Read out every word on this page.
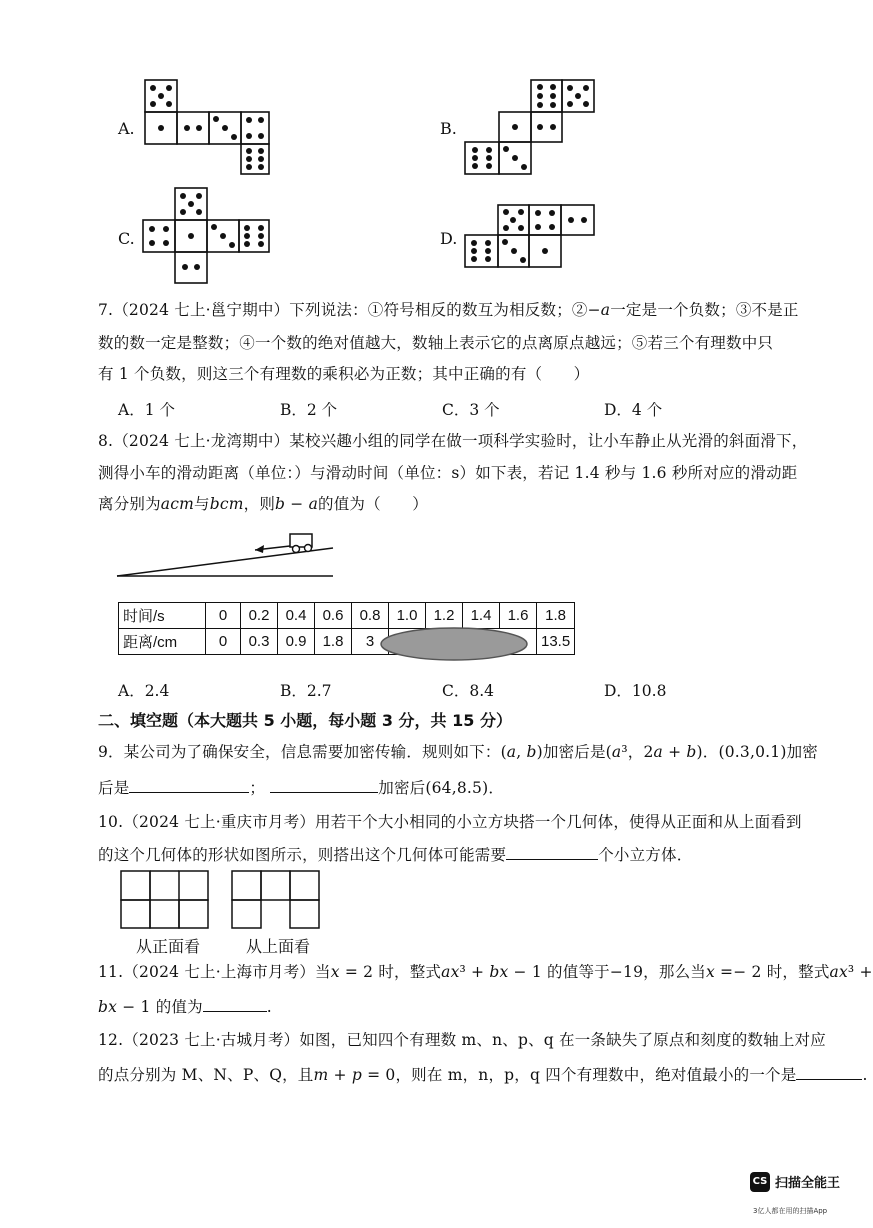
A.	B.
C.	D.
7.（2024 七上·邕宁期中）下列说法：①符号相反的数互为相反数；②−𝑎一定是一个负数；③不是正
数的数一定是整数；④一个数的绝对值越大，数轴上表示它的点离原点越远；⑤若三个有理数中只
有 1 个负数，则这三个有理数的乘积必为正数；其中正确的有（　　）
A．1 个	B．2 个	C．3 个	D．4 个
8.（2024 七上·龙湾期中）某校兴趣小组的同学在做一项科学实验时，让小车静止从光滑的斜面滑下，
测得小车的滑动距离（单位：）与滑动时间（单位：s）如下表，若记 1.4 秒与 1.6 秒所对应的滑动距
离分别为𝑎𝑐𝑚与𝑏𝑐𝑚，则𝑏 − 𝑎的值为（　　）
时间/s	0	0.2	0.4	0.6	0.8	1.0	1.2	1.4	1.6	1.8
距离/cm	0	0.3	0.9	1.8	3					13.5
A．2.4	B．2.7	C．8.4	D．10.8
二、填空题（本大题共 5 小题，每小题 3 分，共 15 分）
9．某公司为了确保安全，信息需要加密传输．规则如下：(𝑎, 𝑏)加密后是(𝑎³，2𝑎 + 𝑏)．(0.3,0.1)加密
后是	；	加密后(64,8.5)．
10.（2024 七上·重庆市月考）用若干个大小相同的小立方块搭一个几何体，使得从正面和从上面看到
的这个几何体的形状如图所示，则搭出这个几何体可能需要	个小立方体．
从正面看	从上面看
11.（2024 七上·上海市月考）当𝑥 = 2 时，整式𝑎𝑥³ + 𝑏𝑥 − 1 的值等于−19，那么当𝑥 =− 2 时，整式𝑎𝑥³ +
𝑏𝑥 − 1 的值为	.
12.（2023 七上·古城月考）如图，已知四个有理数 m、n、p、q 在一条缺失了原点和刻度的数轴上对应
的点分别为 M、N、P、Q，且𝑚 + 𝑝 = 0，则在 m，n，p，q 四个有理数中，绝对值最小的一个是	.
CS 扫描全能王
3亿人都在用的扫描App
